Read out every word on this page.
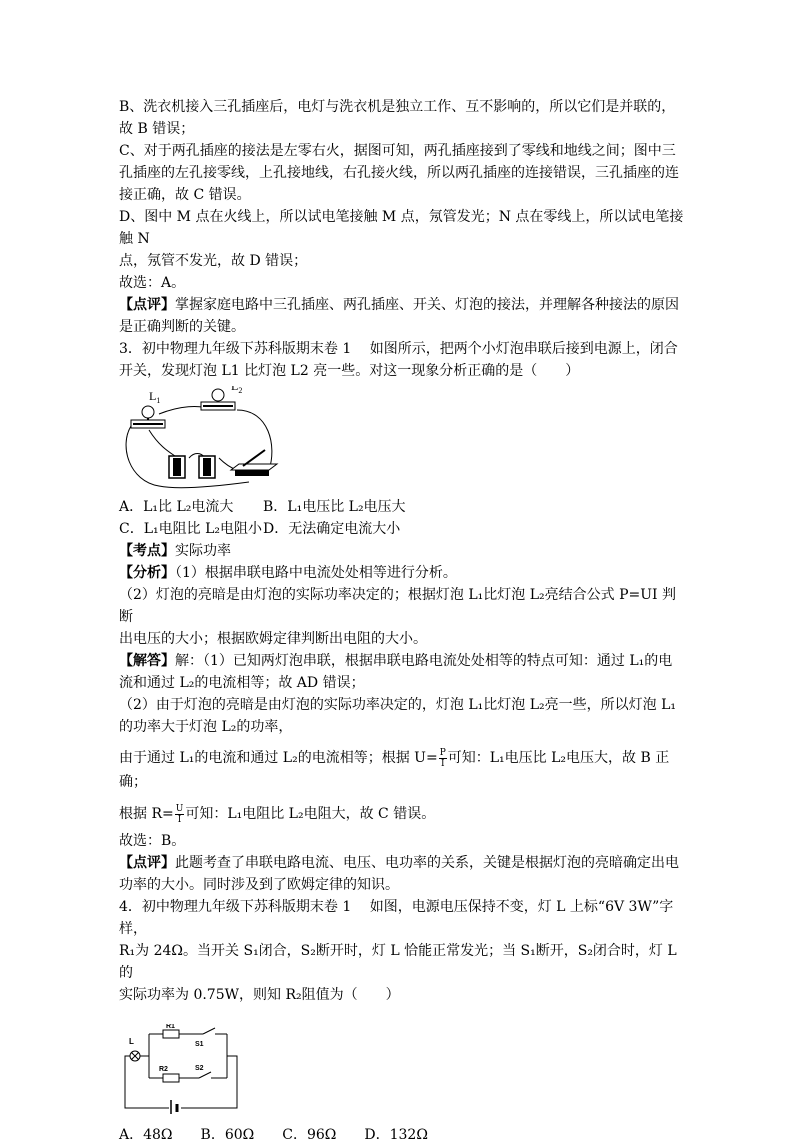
B、洗衣机接入三孔插座后，电灯与洗衣机是独立工作、互不影响的，所以它们是并联的，

故 B 错误；

C、对于两孔插座的接法是左零右火，据图可知，两孔插座接到了零线和地线之间；图中三

孔插座的左孔接零线，上孔接地线，右孔接火线，所以两孔插座的连接错误，三孔插座的连

接正确，故 C 错误。

D、图中 M 点在火线上，所以试电笔接触 M 点，氖管发光；N 点在零线上，所以试电笔接触 N

点，氖管不发光，故 D 错误；

故选：A。

【点评】掌握家庭电路中三孔插座、两孔插座、开关、灯泡的接法，并理解各种接法的原因

是正确判断的关键。

3．初中物理九年级下苏科版期末卷 1　 如图所示，把两个小灯泡串联后接到电源上，闭合

开关，发现灯泡 L1 比灯泡 L2 亮一些。对这一现象分析正确的是（　　）

$L_1$
$L_2$

A．L₁比 L₂电流大 B．L₁电压比 L₂电压大

C．L₁电阻比 L₂电阻小D．无法确定电流大小

【考点】实际功率

【分析】（1）根据串联电路中电流处处相等进行分析。

（2）灯泡的亮暗是由灯泡的实际功率决定的；根据灯泡 L₁比灯泡 L₂亮结合公式 P=UI 判断

出电压的大小；根据欧姆定律判断出电阻的大小。

【解答】解：（1）已知两灯泡串联，根据串联电路电流处处相等的特点可知：通过 L₁的电

流和通过 L₂的电流相等；故 AD 错误；

（2）由于灯泡的亮暗是由灯泡的实际功率决定的，灯泡 L₁比灯泡 L₂亮一些，所以灯泡 L₁

的功率大于灯泡 L₂的功率，

由于通过 L₁的电流和通过 L₂的电流相等；根据 $U= \frac{P}{I}$ 可知：L₁电压比 L₂电压大，故 B 正确；

根据 $R= \frac{U}{I}$ 可知：L₁电阻比 L₂电阻大，故 C 错误。

故选：B。

【点评】此题考查了串联电路电流、电压、电功率的关系，关键是根据灯泡的亮暗确定出电

功率的大小。同时涉及到了欧姆定律的知识。

4．初中物理九年级下苏科版期末卷 1　 如图，电源电压保持不变，灯 L 上标“6V 3W”字样，

R₁为 24Ω。当开关 S₁闭合，S₂断开时，灯 L 恰能正常发光；当 S₁断开，S₂闭合时，灯 L 的

实际功率为 0.75W，则知 R₂阻值为（　　）

L
R1
S1
R2	S2

A．48Ω　　B．60Ω　　C．96Ω　　D．132Ω
